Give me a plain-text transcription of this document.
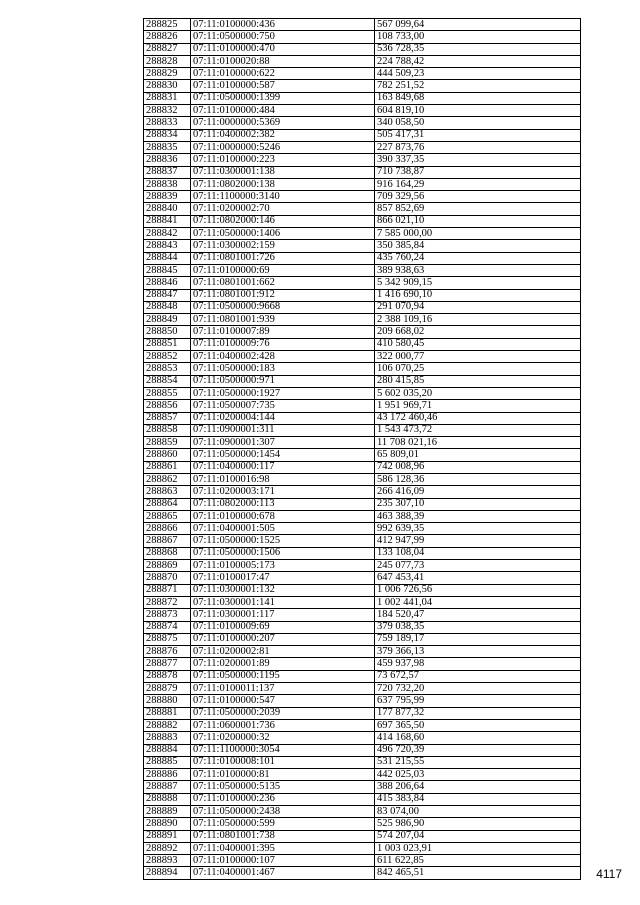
288825	07:11:0100000:436	567 099,64
288826	07:11:0500000:750	108 733,00
288827	07:11:0100000:470	536 728,35
288828	07:11:0100020:88	224 788,42
288829	07:11:0100000:622	444 509,23
288830	07:11:0100000:587	782 251,52
288831	07:11:0500000:1399	163 849,68
288832	07:11:0100000:484	604 819,10
288833	07:11:0000000:5369	340 058,50
288834	07:11:0400002:382	505 417,31
288835	07:11:0000000:5246	227 873,76
288836	07:11:0100000:223	390 337,35
288837	07:11:0300001:138	710 738,87
288838	07:11:0802000:138	916 164,29
288839	07:11:1100000:3140	709 329,56
288840	07:11:0200002:70	857 852,69
288841	07:11:0802000:146	866 021,10
288842	07:11:0500000:1406	7 585 000,00
288843	07:11:0300002:159	350 385,84
288844	07:11:0801001:726	435 760,24
288845	07:11:0100000:69	389 938,63
288846	07:11:0801001:662	5 342 909,15
288847	07:11:0801001:912	1 416 690,10
288848	07:11:0500000:9668	291 070,94
288849	07:11:0801001:939	2 388 109,16
288850	07:11:0100007:89	209 668,02
288851	07:11:0100009:76	410 580,45
288852	07:11:0400002:428	322 000,77
288853	07:11:0500000:183	106 070,25
288854	07:11:0500000:971	280 415,85
288855	07:11:0500000:1927	5 602 035,20
288856	07:11:0500007:735	1 951 969,71
288857	07:11:0200004:144	43 172 460,46
288858	07:11:0900001:311	1 543 473,72
288859	07:11:0900001:307	11 708 021,16
288860	07:11:0500000:1454	65 809,01
288861	07:11:0400000:117	742 008,96
288862	07:11:0100016:98	586 128,36
288863	07:11:0200003:171	266 416,09
288864	07:11:0802000:113	235 307,10
288865	07:11:0100000:678	463 388,39
288866	07:11:0400001:505	992 639,35
288867	07:11:0500000:1525	412 947,99
288868	07:11:0500000:1506	133 108,04
288869	07:11:0100005:173	245 077,73
288870	07:11:0100017:47	647 453,41
288871	07:11:0300001:132	1 006 726,56
288872	07:11:0300001:141	1 002 441,04
288873	07:11:0300001:117	184 520,47
288874	07:11:0100009:69	379 038,35
288875	07:11:0100000:207	759 189,17
288876	07:11:0200002:81	379 366,13
288877	07:11:0200001:89	459 937,98
288878	07:11:0500000:1195	73 672,57
288879	07:11:0100011:137	720 732,20
288880	07:11:0100000:547	637 795,99
288881	07:11:0500000:2039	177 877,32
288882	07:11:0600001:736	697 365,50
288883	07:11:0200000:32	414 168,60
288884	07:11:1100000:3054	496 720,39
288885	07:11:0100008:101	531 215,55
288886	07:11:0100000:81	442 025,03
288887	07:11:0500000:5135	388 206,64
288888	07:11:0100000:236	415 383,84
288889	07:11:0500000:2438	83 074,00
288890	07:11:0500000:599	525 986,90
288891	07:11:0801001:738	574 207,04
288892	07:11:0400001:395	1 003 023,91
288893	07:11:0100000:107	611 622,85
288894	07:11:0400001:467	842 465,51	4117
